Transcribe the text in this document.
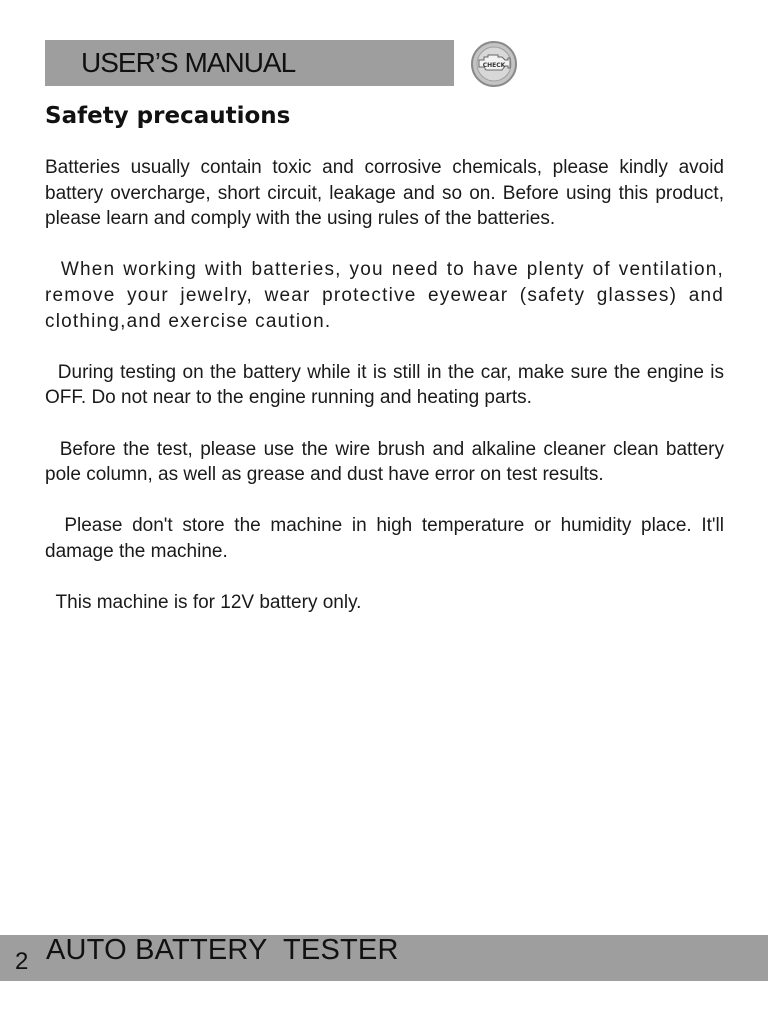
USER’S MANUAL	CHECK
Safety precautions

Batteries usually contain toxic and corrosive chemicals, please kindly avoid battery overcharge, short circuit, leakage and so on. Before using this product, please learn and comply with the using rules of the batteries.

When working with batteries, you need to have plenty of ventilation, remove your jewelry, wear protective eyewear (safety glasses) and clothing,and exercise caution.

During testing on the battery while it is still in the car, make sure the engine is OFF. Do not near to the engine running and heating parts.

Before the test, please use the wire brush and alkaline cleaner clean battery pole column, as well as grease and dust have error on test results.

Please don't store the machine in high temperature or humidity place. It'll damage the machine.

This machine is for 12V battery only.

2 AUTO BATTERY  TESTER
